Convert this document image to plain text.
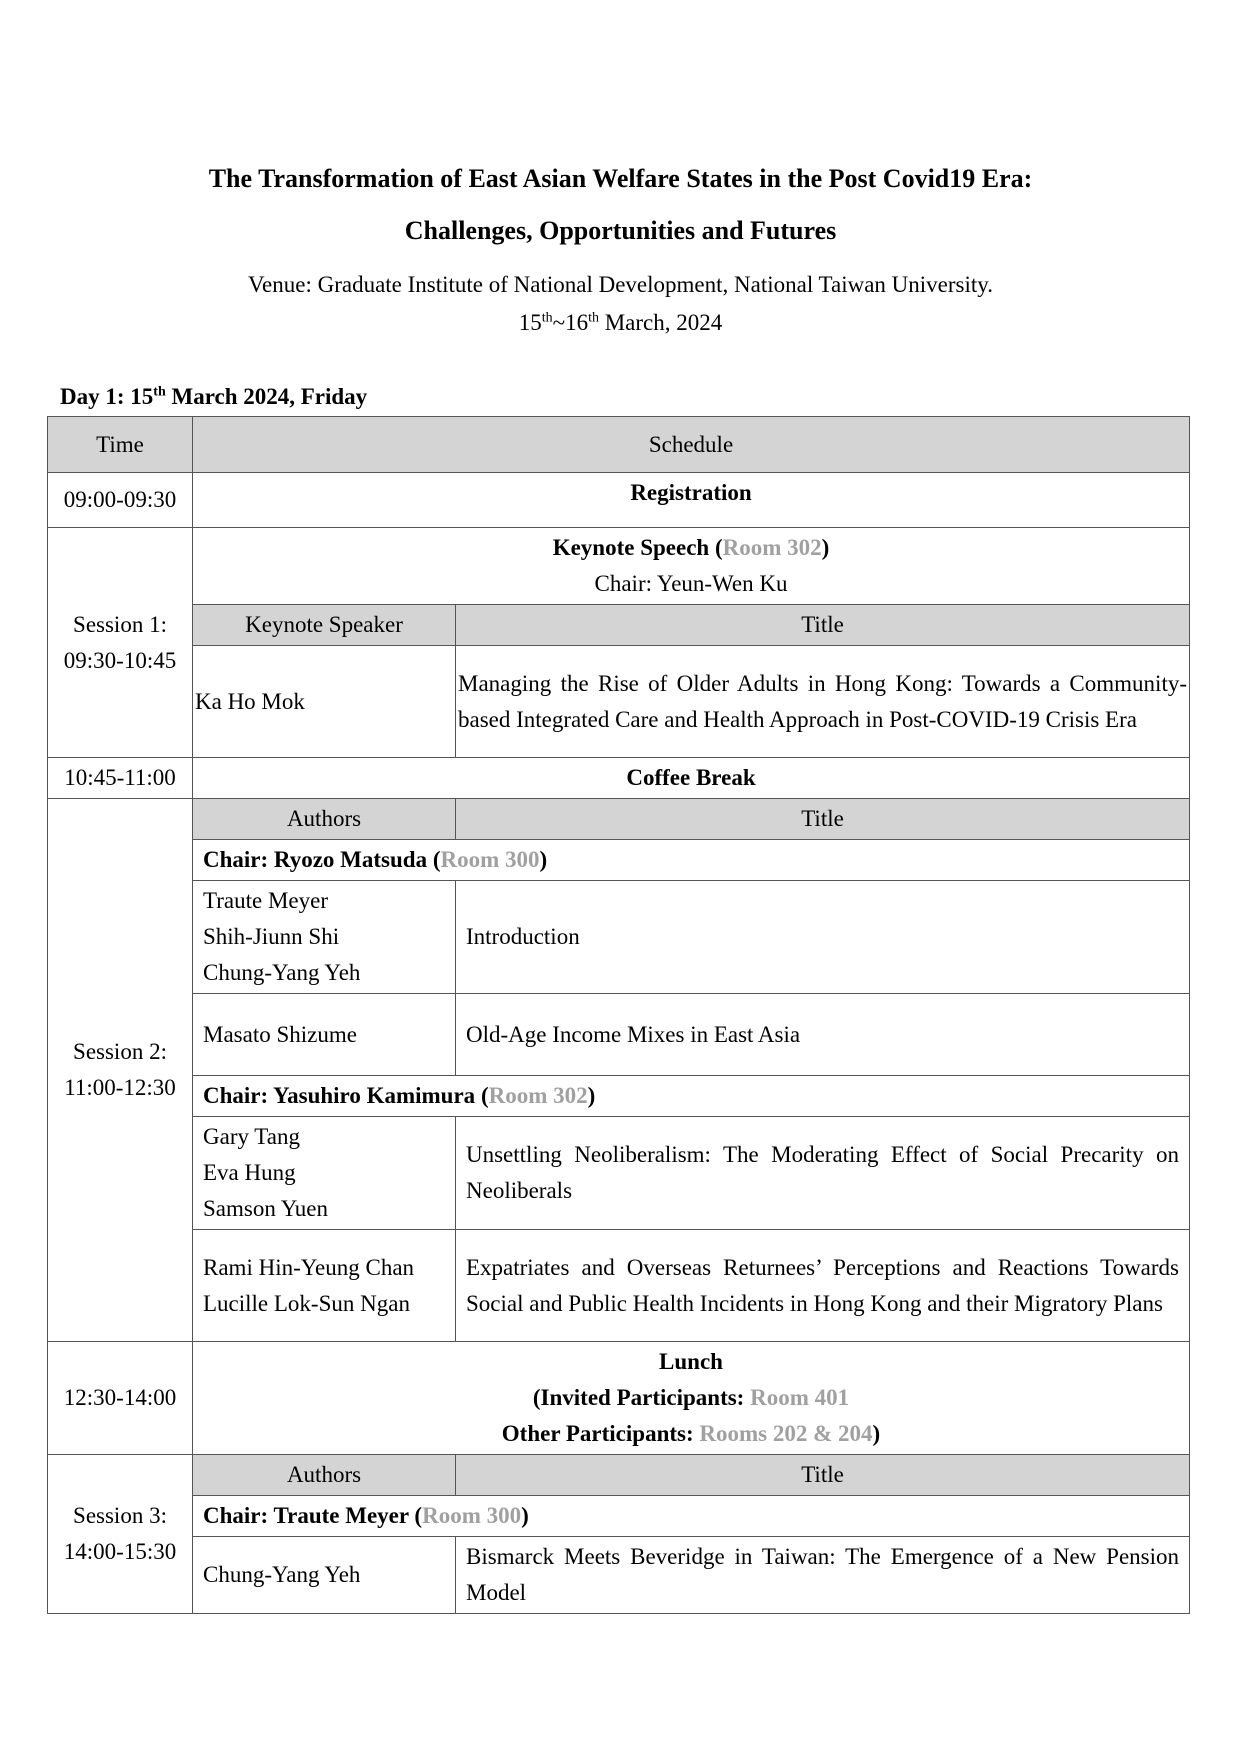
The Transformation of East Asian Welfare States in the Post Covid19 Era:
Challenges, Opportunities and Futures
Venue: Graduate Institute of National Development, National Taiwan University.
15th~16th March, 2024
Day 1: 15th March 2024, Friday
Time	Schedule	
09:00-09:30	Registration	

Session 1:
09:30-10:45	Keynote Speech (Room 302)
Chair: Yeun-Wen Ku	

	Keynote Speaker	Title
	Ka Ho Mok	Managing the Rise of Older Adults in Hong Kong: Towards a Community-based Integrated Care and Health Approach in Post-COVID-19 Crisis Era
10:45-11:00	Coffee Break	

Session 2:
11:00-12:30	Authors	Title
	Chair: Ryozo Matsuda (Room 300)	

	Traute Meyer
Shih-Jiunn Shi
Chung-Yang Yeh	Introduction
	Masato Shizume	Old-Age Income Mixes in East Asia
	Chair: Yasuhiro Kamimura (Room 302)	

	Gary Tang
Eva Hung
Samson Yuen	Unsettling Neoliberalism: The Moderating Effect of Social Precarity on Neoliberals

	Rami Hin-Yeung Chan
Lucille Lok-Sun Ngan	Expatriates and Overseas Returnees’ Perceptions and Reactions Towards Social and Public Health Incidents in Hong Kong and their Migratory Plans

12:30-14:00	Lunch
(Invited Participants: Room 401
Other Participants: Rooms 202 & 204)	

Session 3:
14:00-15:30	Authors	Title
	Chair: Traute Meyer (Room 300)	
	Chung-Yang Yeh	Bismarck Meets Beveridge in Taiwan: The Emergence of a New Pension Model
